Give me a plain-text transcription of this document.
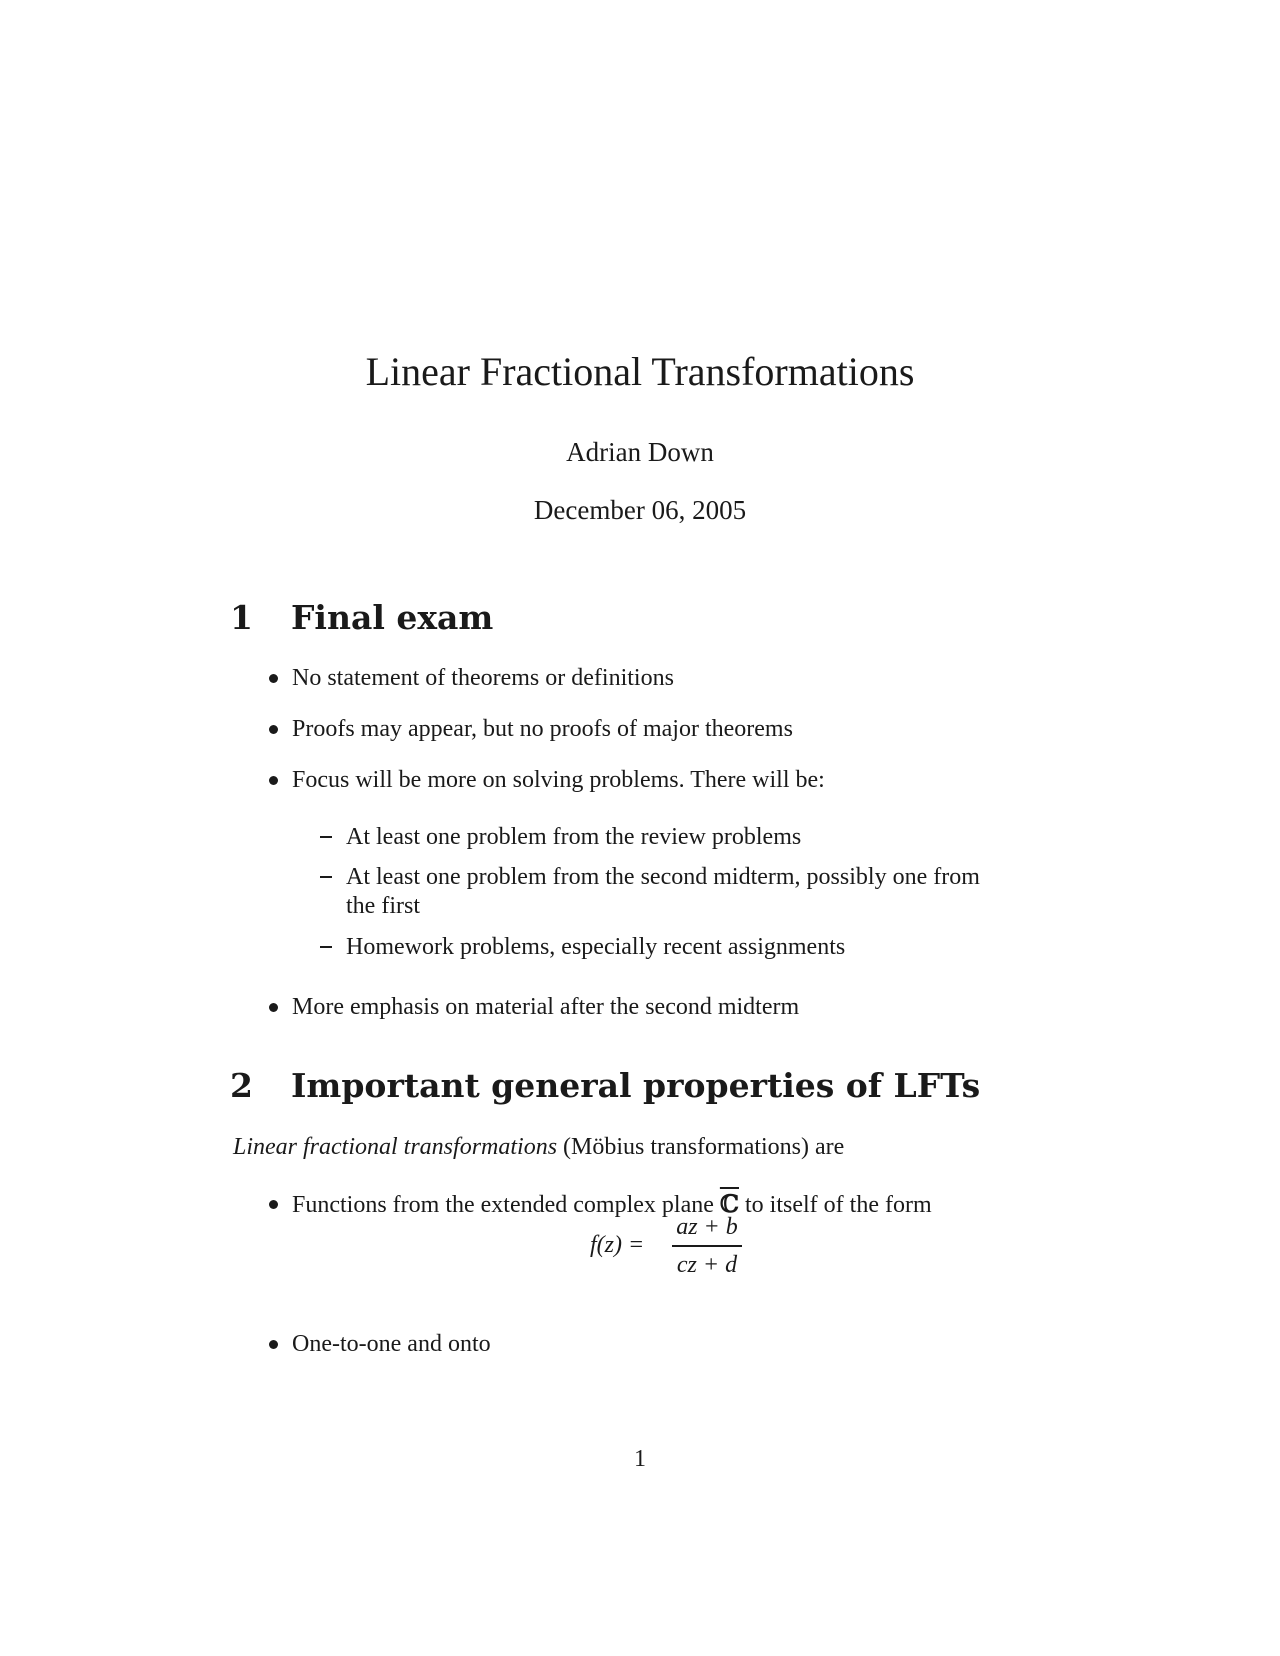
Linear Fractional Transformations
Adrian Down
December 06, 2005
1 Final exam
No statement of theorems or definitions
Proofs may appear, but no proofs of major theorems
Focus will be more on solving problems. There will be:
At least one problem from the review problems
At least one problem from the second midterm, possibly one from
the first
Homework problems, especially recent assignments
More emphasis on material after the second midterm
2 Important general properties of LFTs
Linear fractional transformations (Möbius transformations) are
Functions from the extended complex plane ℂ to itself of the form
f(z) =
az + b
cz + d
One-to-one and onto
1
